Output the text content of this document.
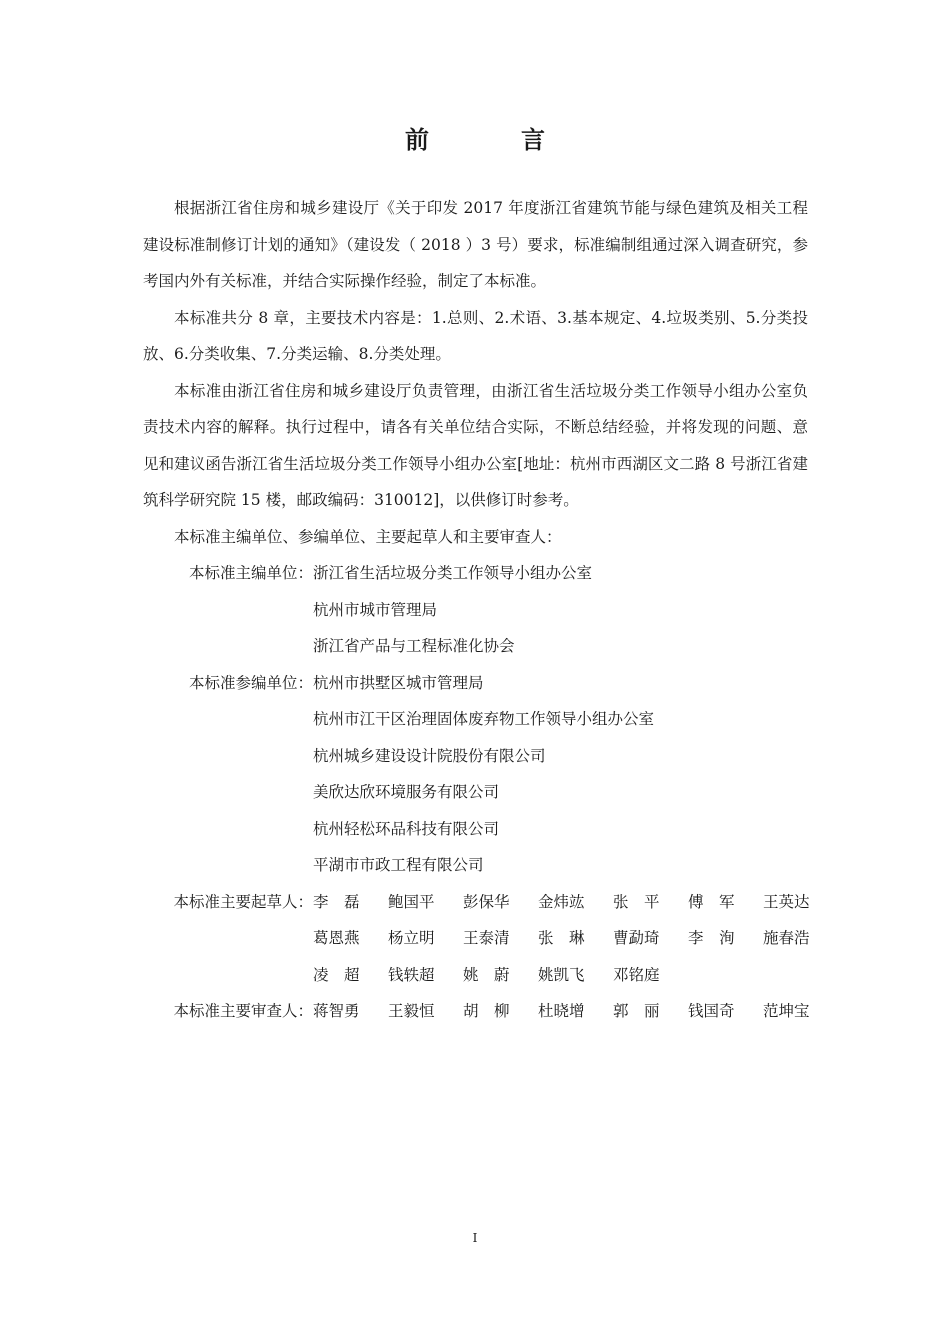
前　言

根据浙江省住房和城乡建设厅《关于印发 2017 年度浙江省建筑节能与绿色建筑及相关工程建设标准制修订计划的通知》（建设发（ 2018 ）3 号）要求，标准编制组通过深入调查研究，参考国内外有关标准，并结合实际操作经验，制定了本标准。

本标准共分 8 章，主要技术内容是：1.总则、2.术语、3.基本规定、4.垃圾类别、5.分类投放、6.分类收集、7.分类运输、8.分类处理。

本标准由浙江省住房和城乡建设厅负责管理，由浙江省生活垃圾分类工作领导小组办公室负责技术内容的解释。执行过程中，请各有关单位结合实际，不断总结经验，并将发现的问题、意见和建议函告浙江省生活垃圾分类工作领导小组办公室[地址：杭州市西湖区文二路 8 号浙江省建筑科学研究院 15 楼，邮政编码：310012]，以供修订时参考。

本标准主编单位、参编单位、主要起草人和主要审查人：

本标准主编单位： 浙江省生活垃圾分类工作领导小组办公室
杭州市城市管理局
浙江省产品与工程标准化协会
本标准参编单位： 杭州市拱墅区城市管理局
杭州市江干区治理固体废弃物工作领导小组办公室
杭州城乡建设设计院股份有限公司
美欣达欣环境服务有限公司
杭州轻松环品科技有限公司
平湖市市政工程有限公司
本标准主要起草人： 李　磊	鲍国平	彭保华	金炜竑	张　平	傅　军	王英达
葛恩燕	杨立明	王泰清	张　琳	曹勐琦	李　洵	施春浩
凌　超	钱轶超	姚　蔚	姚凯飞	邓铭庭
本标准主要审查人： 蒋智勇	王毅恒	胡　柳	杜晓增	郭　丽	钱国奇	范坤宝
I
